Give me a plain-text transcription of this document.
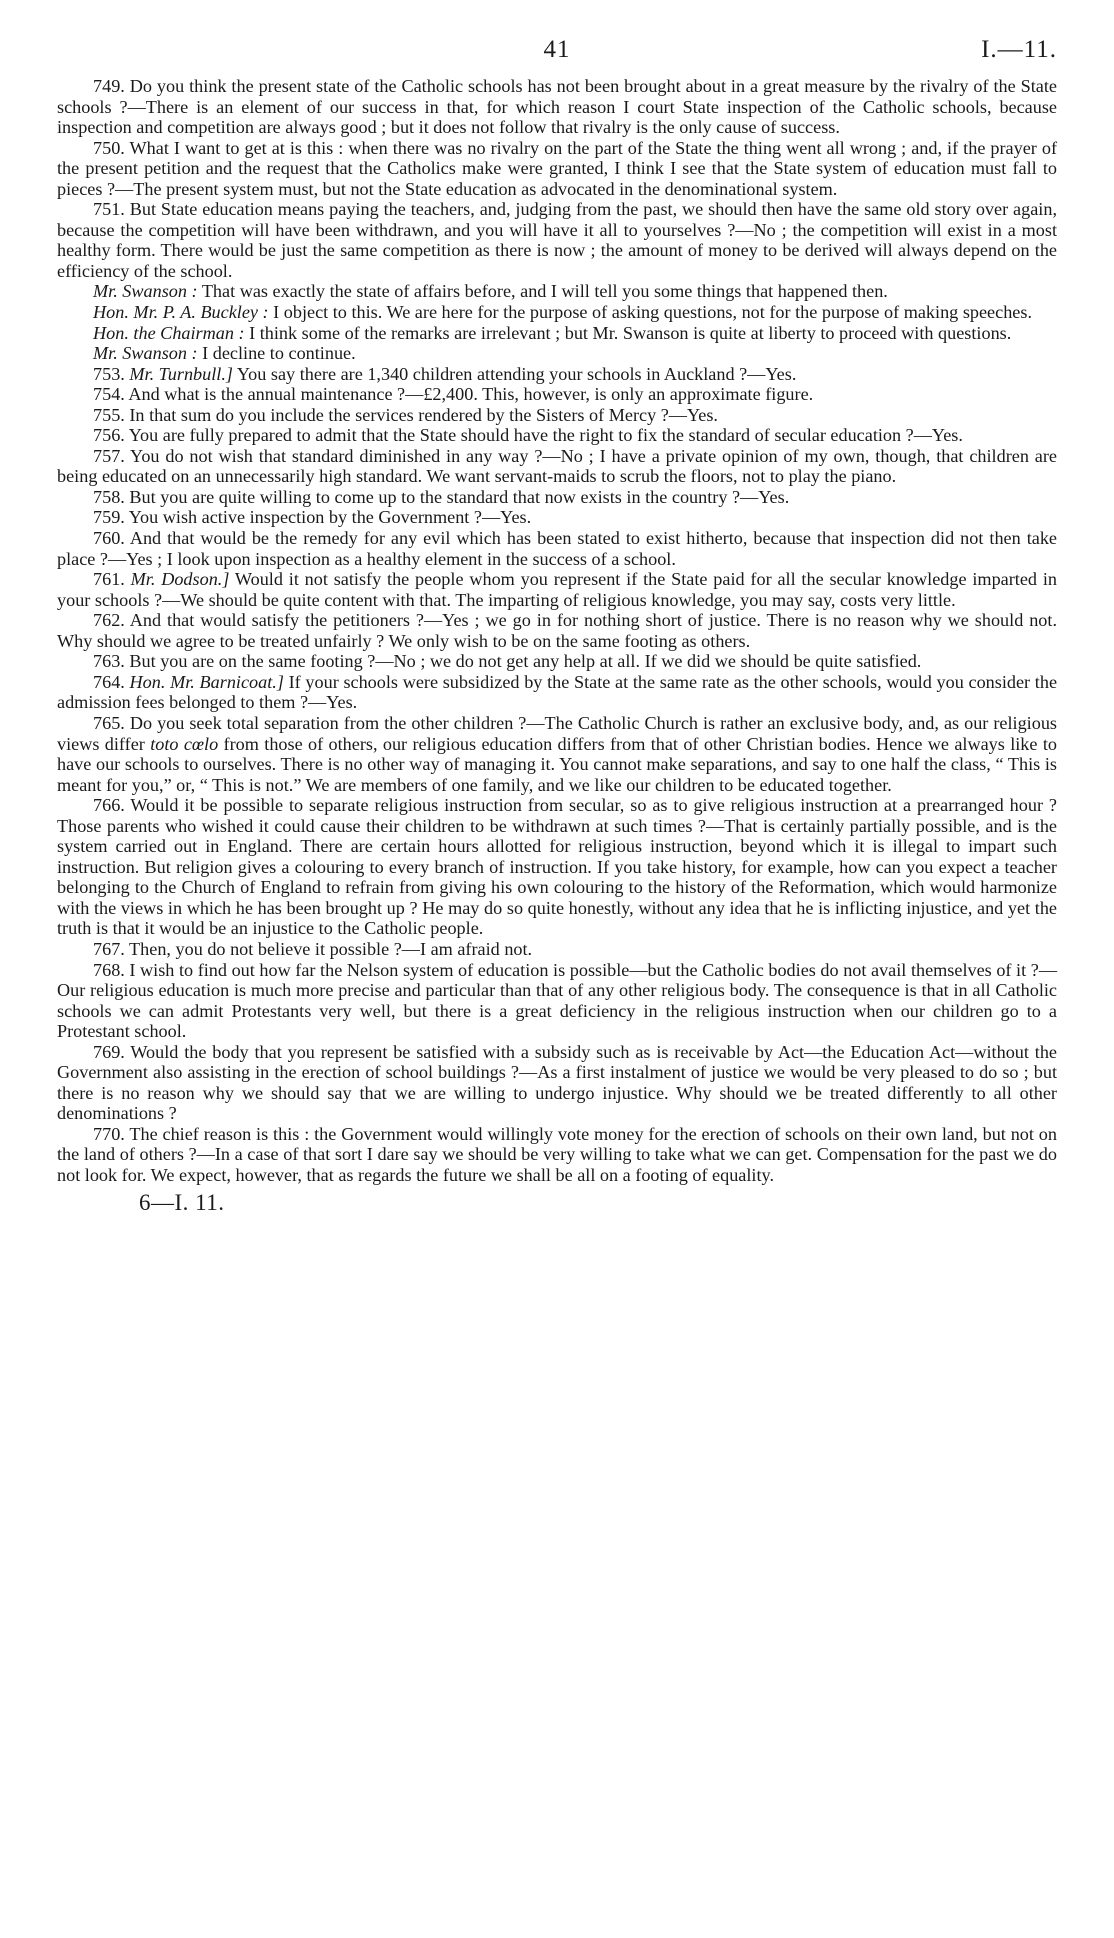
41	I.—11.

749. Do you think the present state of the Catholic schools has not been brought about in a great measure by the rivalry of the State schools ?—There is an element of our success in that, for which reason I court State inspection of the Catholic schools, because inspection and competition are always good ; but it does not follow that rivalry is the only cause of success.

750. What I want to get at is this : when there was no rivalry on the part of the State the thing went all wrong ; and, if the prayer of the present petition and the request that the Catholics make were granted, I think I see that the State system of education must fall to pieces ?—The present system must, but not the State education as advocated in the denominational system.

751. But State education means paying the teachers, and, judging from the past, we should then have the same old story over again, because the competition will have been withdrawn, and you will have it all to yourselves ?—No ; the competition will exist in a most healthy form. There would be just the same competition as there is now ; the amount of money to be derived will always depend on the efficiency of the school.

Mr. Swanson : That was exactly the state of affairs before, and I will tell you some things that happened then.

Hon. Mr. P. A. Buckley : I object to this. We are here for the purpose of asking questions, not for the purpose of making speeches.

Hon. the Chairman : I think some of the remarks are irrelevant ; but Mr. Swanson is quite at liberty to proceed with questions.

Mr. Swanson : I decline to continue.

753. Mr. Turnbull.] You say there are 1,340 children attending your schools in Auckland ?—Yes.

754. And what is the annual maintenance ?—£2,400. This, however, is only an approximate figure.

755. In that sum do you include the services rendered by the Sisters of Mercy ?—Yes.

756. You are fully prepared to admit that the State should have the right to fix the standard of secular education ?—Yes.

757. You do not wish that standard diminished in any way ?—No ; I have a private opinion of my own, though, that children are being educated on an unnecessarily high standard. We want servant-maids to scrub the floors, not to play the piano.

758. But you are quite willing to come up to the standard that now exists in the country ?—Yes.

759. You wish active inspection by the Government ?—Yes.

760. And that would be the remedy for any evil which has been stated to exist hitherto, because that inspection did not then take place ?—Yes ; I look upon inspection as a healthy element in the success of a school.

761. Mr. Dodson.] Would it not satisfy the people whom you represent if the State paid for all the secular knowledge imparted in your schools ?—We should be quite content with that. The imparting of religious knowledge, you may say, costs very little.

762. And that would satisfy the petitioners ?—Yes ; we go in for nothing short of justice. There is no reason why we should not. Why should we agree to be treated unfairly ? We only wish to be on the same footing as others.

763. But you are on the same footing ?—No ; we do not get any help at all. If we did we should be quite satisfied.

764. Hon. Mr. Barnicoat.] If your schools were subsidized by the State at the same rate as the other schools, would you consider the admission fees belonged to them ?—Yes.

765. Do you seek total separation from the other children ?—The Catholic Church is rather an exclusive body, and, as our religious views differ toto cœlo from those of others, our religious education differs from that of other Christian bodies. Hence we always like to have our schools to ourselves. There is no other way of managing it. You cannot make separations, and say to one half the class, “ This is meant for you,” or, “ This is not.” We are members of one family, and we like our children to be educated together.

766. Would it be possible to separate religious instruction from secular, so as to give religious instruction at a prearranged hour ? Those parents who wished it could cause their children to be withdrawn at such times ?—That is certainly partially possible, and is the system carried out in England. There are certain hours allotted for religious instruction, beyond which it is illegal to impart such instruction. But religion gives a colouring to every branch of instruction. If you take history, for example, how can you expect a teacher belonging to the Church of England to refrain from giving his own colouring to the history of the Reformation, which would harmonize with the views in which he has been brought up ? He may do so quite honestly, without any idea that he is inflicting injustice, and yet the truth is that it would be an injustice to the Catholic people.

767. Then, you do not believe it possible ?—I am afraid not.

768. I wish to find out how far the Nelson system of education is possible—but the Catholic bodies do not avail themselves of it ?—Our religious education is much more precise and particular than that of any other religious body. The consequence is that in all Catholic schools we can admit Protestants very well, but there is a great deficiency in the religious instruction when our children go to a Protestant school.

769. Would the body that you represent be satisfied with a subsidy such as is receivable by Act—the Education Act—without the Government also assisting in the erection of school buildings ?—As a first instalment of justice we would be very pleased to do so ; but there is no reason why we should say that we are willing to undergo injustice. Why should we be treated differently to all other denominations ?

770. The chief reason is this : the Government would willingly vote money for the erection of schools on their own land, but not on the land of others ?—In a case of that sort I dare say we should be very willing to take what we can get. Compensation for the past we do not look for. We expect, however, that as regards the future we shall be all on a footing of equality.

6—I. 11.
